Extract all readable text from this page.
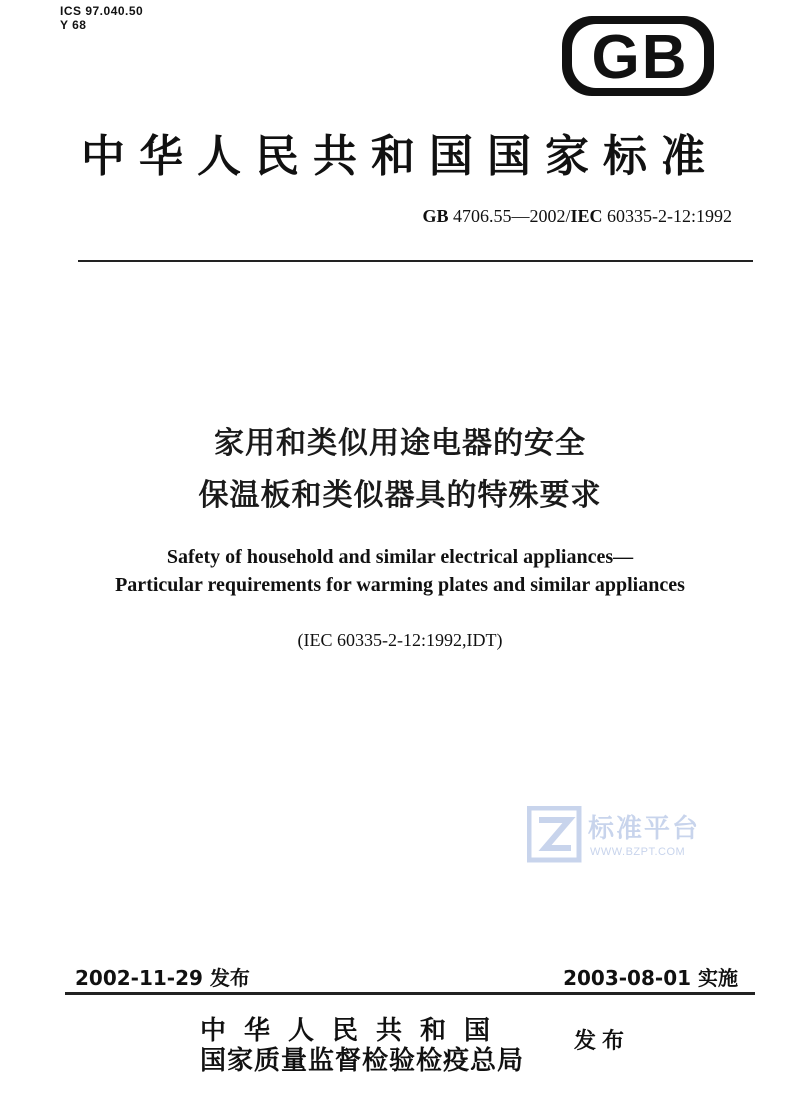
ICS 97.040.50
Y 68	GB
中华人民共和国国家标准
GB 4706.55—2002/IEC 60335-2-12:1992
家用和类似用途电器的安全
保温板和类似器具的特殊要求
Safety of household and similar electrical appliances—
Particular requirements for warming plates and similar appliances
(IEC 60335-2-12:1992,IDT)
标准平台
WWW.BZPT.COM
2002-11-29 发布	2003-08-01 实施
中华人民共和国
国家质量监督检验检疫总局
发布
